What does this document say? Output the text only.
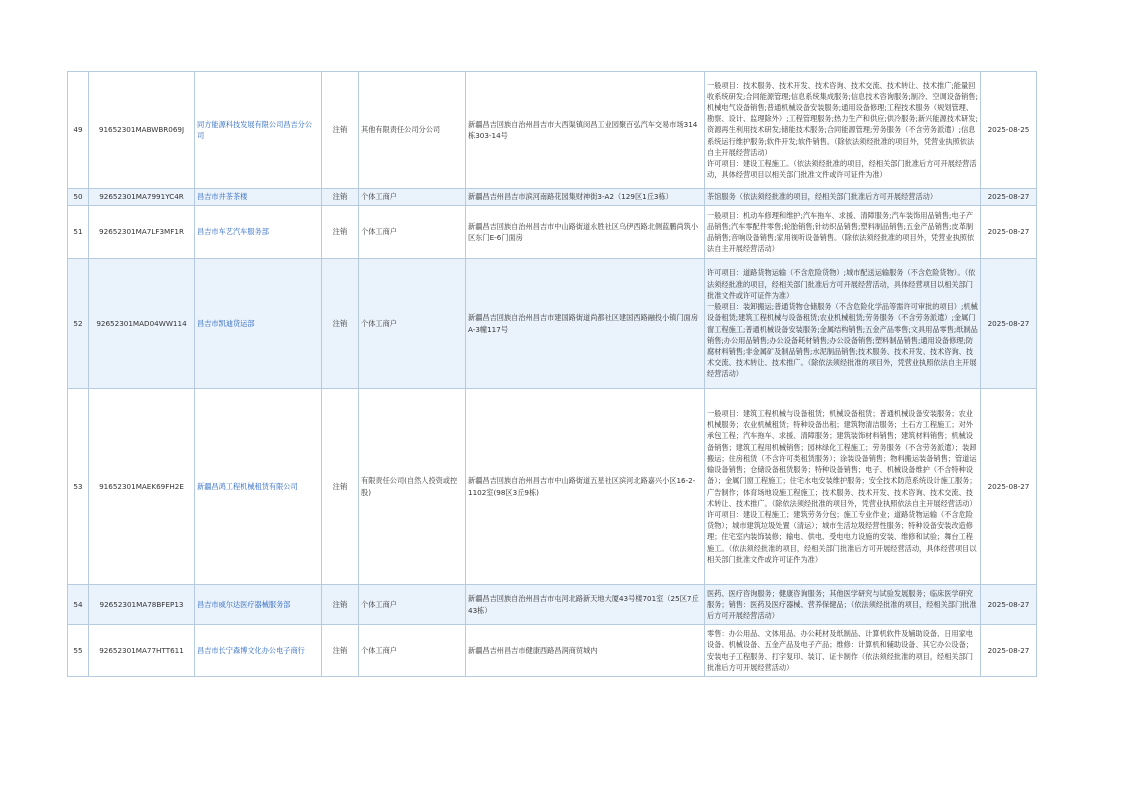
49	91652301MABWBR069J	同方能源科技发展有限公司昌吉分公司	注销	其他有限责任公司分公司	新疆昌吉回族自治州昌吉市大西渠镇闵昌工业园聚百弘汽车交易市场314栋303-14号	一般项目：技术服务、技术开发、技术咨询、技术交流、技术转让、技术推广;能量回收系统研发;合同能源管理;信息系统集成服务;信息技术咨询服务;制冷、空调设备销售;机械电气设备销售;普通机械设备安装服务;通用设备修理;工程技术服务（规划管理、勘察、设计、监理除外）;工程管理服务;热力生产和供应;供冷服务;新兴能源技术研发;资源再生利用技术研发;储能技术服务;合同能源管理;劳务服务（不含劳务派遣）;信息系统运行维护服务;软件开发;软件销售。（除依法须经批准的项目外，凭营业执照依法自主开展经营活动）
许可项目：建设工程施工。（依法须经批准的项目，经相关部门批准后方可开展经营活动，具体经营项目以相关部门批准文件或许可证件为准）	2025-08-25
50	92652301MA7991YC4R	昌吉市井茶茶楼	注销	个体工商户	新疆昌吉州昌吉市滨河南路花园集财神街3-A2（129区1丘3栋）	茶馆服务（依法须经批准的项目，经相关部门批准后方可开展经营活动）	2025-08-27
51	92652301MA7LF3MF1R	昌吉市车艺汽车服务部	注销	个体工商户	新疆昌吉回族自治州昌吉市中山路街道永胜社区乌伊西路北侧蓝鹏尚筑小区东门E-6门面房	一般项目：机动车修理和维护;汽车拖车、求援、清障服务;汽车装饰用品销售;电子产品销售;汽车零配件零售;轮胎销售;针纺织品销售;塑料制品销售;五金产品销售;皮革制品销售;音响设备销售;家用视听设备销售。（除依法须经批准的项目外，凭营业执照依法自主开展经营活动）	2025-08-27
52	92652301MAD04WW114	昌吉市凯迪货运部	注销	个体工商户	新疆昌吉回族自治州昌吉市建国路街道尚都社区建国西路融投小镇门面房A-3幢117号	许可项目：道路货物运输（不含危险货物）;城市配送运输服务（不含危险货物）。（依法须经批准的项目，经相关部门批准后方可开展经营活动，具体经营项目以相关部门批准文件或许可证件为准）
一般项目：装卸搬运;普通货物仓储服务（不含危险化学品等需许可审批的项目）;机械设备租赁;建筑工程机械与设备租赁;农业机械租赁;劳务服务（不含劳务派遣）;金属门窗工程施工;普通机械设备安装服务;金属结构销售;五金产品零售;文具用品零售;纸制品销售;办公用品销售;办公设备耗材销售;办公设备销售;塑料制品销售;通用设备修理;防腐材料销售;非金属矿及制品销售;水泥制品销售;技术服务、技术开发、技术咨询、技术交流、技术转让、技术推广。（除依法须经批准的项目外，凭营业执照依法自主开展经营活动）	2025-08-27
53	91652301MAEK69FH2E	新疆昌鸿工程机械租赁有限公司	注销	有限责任公司(自然人投资或控股)	新疆昌吉回族自治州昌吉市中山路街道五星社区滨河北路嘉兴小区16-2-1102室(98区3丘9栋)	一般项目：建筑工程机械与设备租赁；机械设备租赁；普通机械设备安装服务；农业机械服务；农业机械租赁；特种设备出租；建筑物清洁服务；土石方工程施工；对外承包工程；汽车拖车、求援、清障服务；建筑装饰材料销售；建筑材料销售；机械设备销售；建筑工程用机械销售；园林绿化工程施工；劳务服务（不含劳务派遣）；装卸搬运；住房租赁（不含许可类租赁服务）；涂装设备销售；物料搬运装备销售；管道运输设备销售；仓储设备租赁服务；特种设备销售；电子、机械设备维护（不含特种设备）；金属门窗工程施工；住宅水电安装维护服务；安全技术防范系统设计施工服务；广告制作；体育场地设施工程施工；技术服务、技术开发、技术咨询、技术交流、技术转让、技术推广。（除依法须经批准的项目外，凭营业执照依法自主开展经营活动）
许可项目：建设工程施工；建筑劳务分包；施工专业作业；道路货物运输（不含危险货物）；城市建筑垃圾处置（清运）；城市生活垃圾经营性服务；特种设备安装改造修理；住宅室内装饰装修；输电、供电、受电电力设施的安装、维修和试验；舞台工程施工。（依法须经批准的项目，经相关部门批准后方可开展经营活动，具体经营项目以相关部门批准文件或许可证件为准）	2025-08-27
54	92652301MA78BFEP13	昌吉市威尔达医疗器械服务部	注销	个体工商户	新疆昌吉回族自治州昌吉市屯河北路新天地大厦43号楼701室（25区7丘43栋）	医药、医疗咨询服务；健康咨询服务；其他医学研究与试验发展服务；临床医学研究服务；销售：医药及医疗器械、营养保健品；（依法须经批准的项目，经相关部门批准后方可开展经营活动）	2025-08-27
55	92652301MA77HTT611	昌吉市长宁森博文化办公电子商行	注销	个体工商户	新疆昌吉州昌吉市健康西路昌润商贸城内	零售：办公用品、文体用品、办公耗材及纸制品、计算机软件及辅助设备、日用家电设备、机械设备、五金产品及电子产品；维修：计算机和辅助设备、其它办公设备；安装电子工程服务、打字复印、装订、证卡制作（依法须经批准的项目，经相关部门批准后方可开展经营活动）	2025-08-27
